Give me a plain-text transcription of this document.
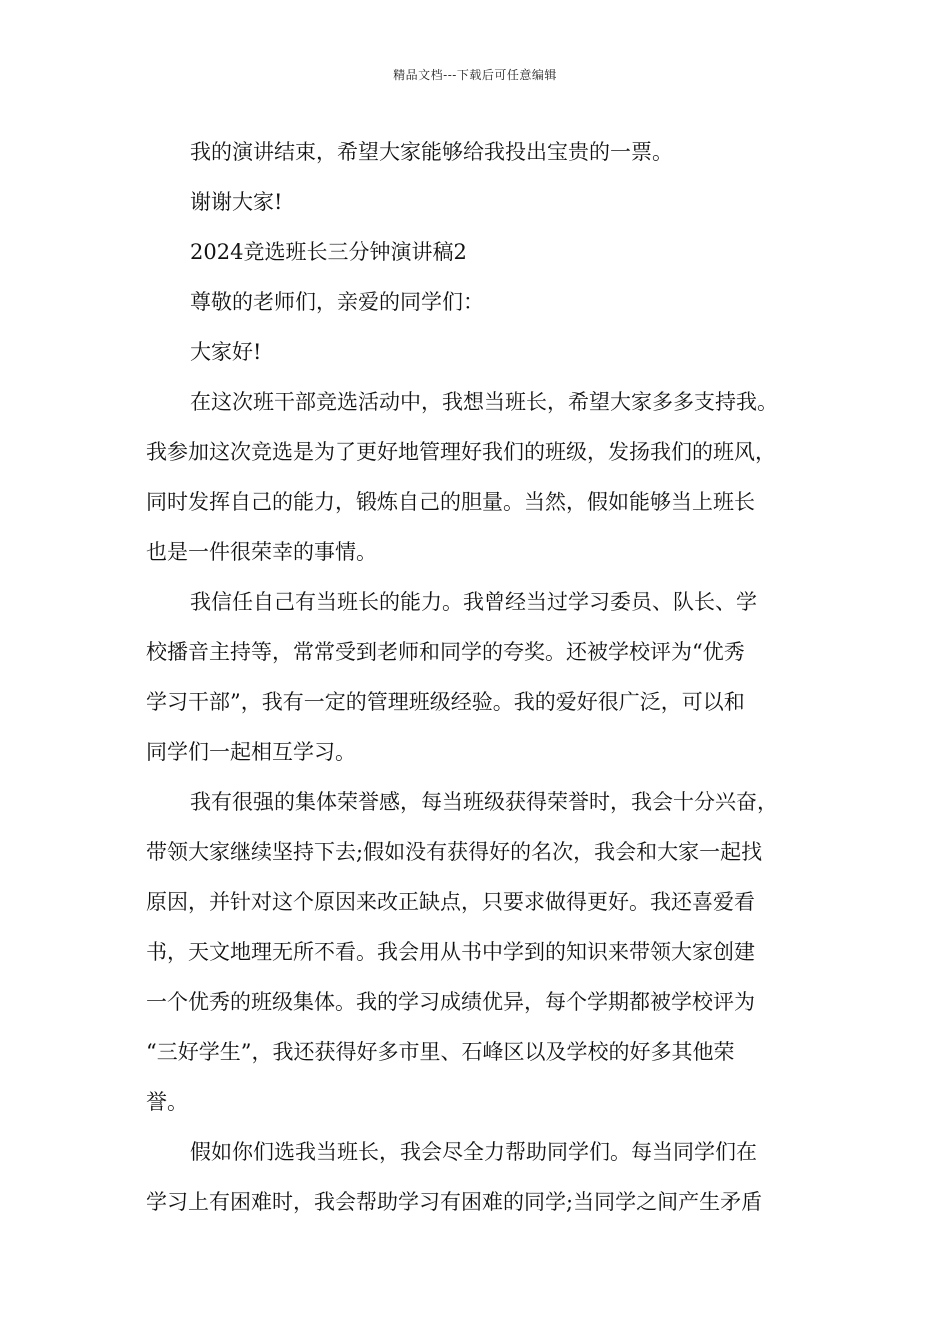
精品文档---下载后可任意编辑
我的演讲结束，希望大家能够给我投出宝贵的一票。
谢谢大家!
2024竞选班长三分钟演讲稿2
尊敬的老师们，亲爱的同学们：
大家好!
在这次班干部竞选活动中，我想当班长，希望大家多多支持我。
我参加这次竞选是为了更好地管理好我们的班级，发扬我们的班风，
同时发挥自己的能力，锻炼自己的胆量。当然，假如能够当上班长
也是一件很荣幸的事情。
我信任自己有当班长的能力。我曾经当过学习委员、队长、学
校播音主持等，常常受到老师和同学的夸奖。还被学校评为“优秀
学习干部”，我有一定的管理班级经验。我的爱好很广泛，可以和
同学们一起相互学习。
我有很强的集体荣誉感，每当班级获得荣誉时，我会十分兴奋，
带领大家继续坚持下去;假如没有获得好的名次，我会和大家一起找
原因，并针对这个原因来改正缺点，只要求做得更好。我还喜爱看
书，天文地理无所不看。我会用从书中学到的知识来带领大家创建
一个优秀的班级集体。我的学习成绩优异，每个学期都被学校评为
“三好学生”，我还获得好多市里、石峰区以及学校的好多其他荣
誉。
假如你们选我当班长，我会尽全力帮助同学们。每当同学们在
学习上有困难时，我会帮助学习有困难的同学;当同学之间产生矛盾
